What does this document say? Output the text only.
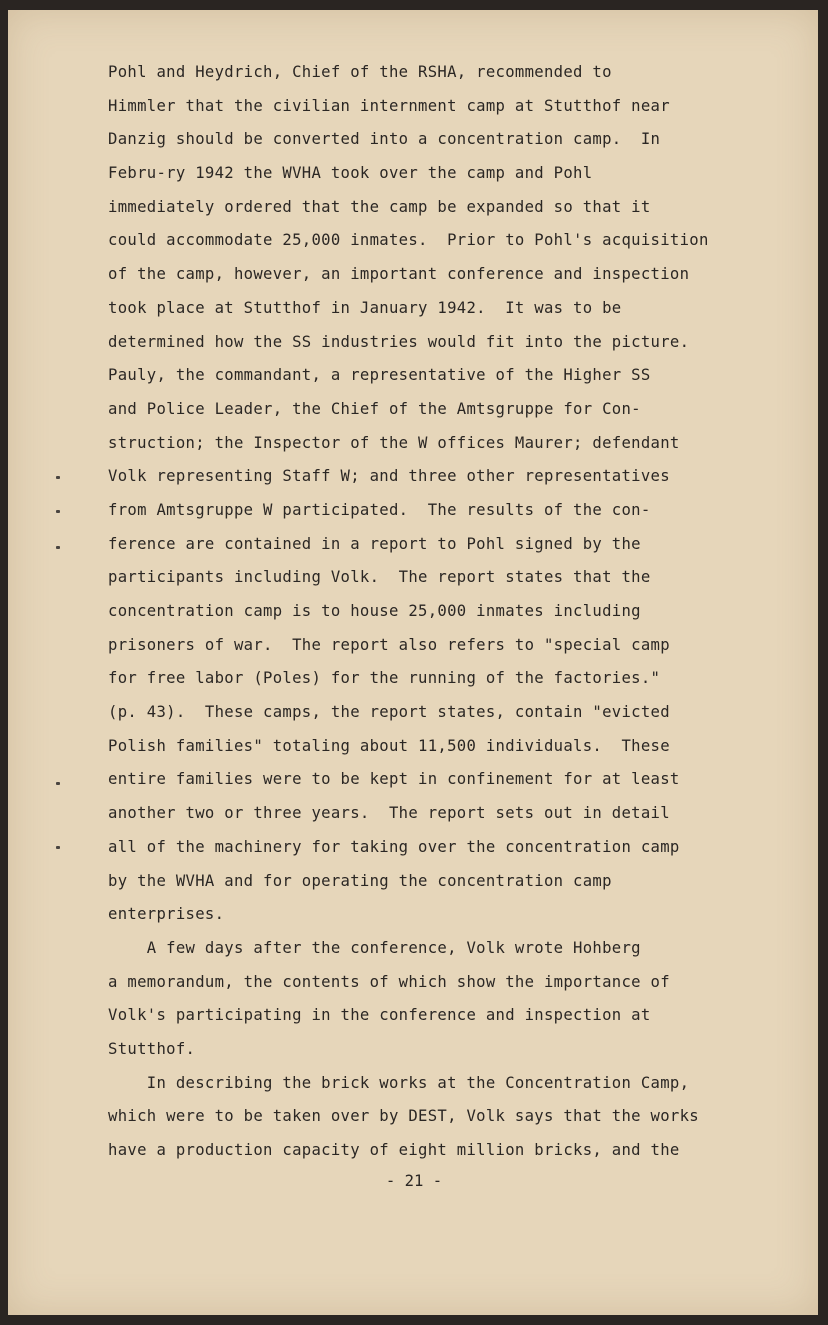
Pohl and Heydrich, Chief of the RSHA, recommended to
Himmler that the civilian internment camp at Stutthof near
Danzig should be converted into a concentration camp.  In
Febru-ry 1942 the WVHA took over the camp and Pohl
immediately ordered that the camp be expanded so that it
could accommodate 25,000 inmates.  Prior to Pohl's acquisition
of the camp, however, an important conference and inspection
took place at Stutthof in January 1942.  It was to be
determined how the SS industries would fit into the picture.
Pauly, the commandant, a representative of the Higher SS
and Police Leader, the Chief of the Amtsgruppe for Con-
struction; the Inspector of the W offices Maurer; defendant
Volk representing Staff W; and three other representatives
from Amtsgruppe W participated.  The results of the con-
ference are contained in a report to Pohl signed by the
participants including Volk.  The report states that the
concentration camp is to house 25,000 inmates including
prisoners of war.  The report also refers to "special camp
for free labor (Poles) for the running of the factories."
(p. 43).  These camps, the report states, contain "evicted
Polish families" totaling about 11,500 individuals.  These
entire families were to be kept in confinement for at least
another two or three years.  The report sets out in detail
all of the machinery for taking over the concentration camp
by the WVHA and for operating the concentration camp
enterprises.
A few days after the conference, Volk wrote Hohberg
a memorandum, the contents of which show the importance of
Volk's participating in the conference and inspection at
Stutthof.
In describing the brick works at the Concentration Camp,
which were to be taken over by DEST, Volk says that the works
have a production capacity of eight million bricks, and the
- 21 -
